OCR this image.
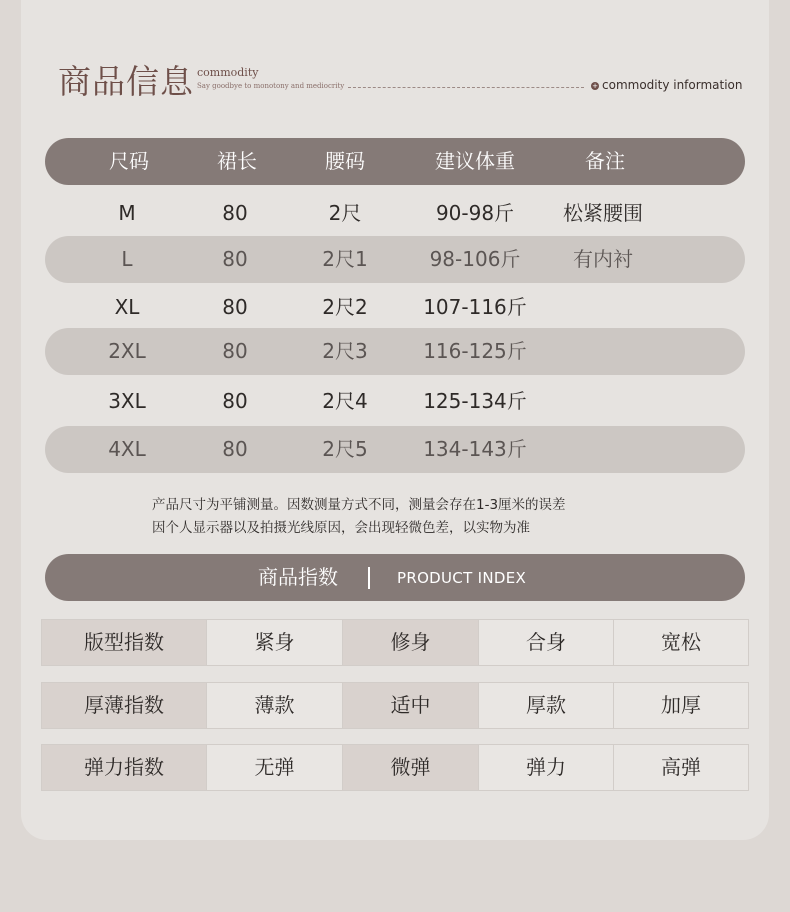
商品信息 commodity
Say goodbye to monotony and mediocrity	+ commodity information
尺码	裙长	腰码	建议体重	备注
M	80	2尺	90-98斤 松紧腰围
L	80	2尺1	98-106斤	有内衬
XL	80	2尺2	107-116斤
2XL	80	2尺3	116-125斤
3XL	80	2尺4	125-134斤
4XL	80	2尺5	134-143斤
产品尺寸为平铺测量。因数测量方式不同，测量会存在1-3厘米的误差
因个人显示器以及拍摄光线原因，会出现轻微色差，以实物为准
商品指数	PRODUCT INDEX
版型指数	紧身	修身	合身	宽松
厚薄指数	薄款	适中	厚款	加厚
弹力指数	无弹	微弹	弹力	高弹
